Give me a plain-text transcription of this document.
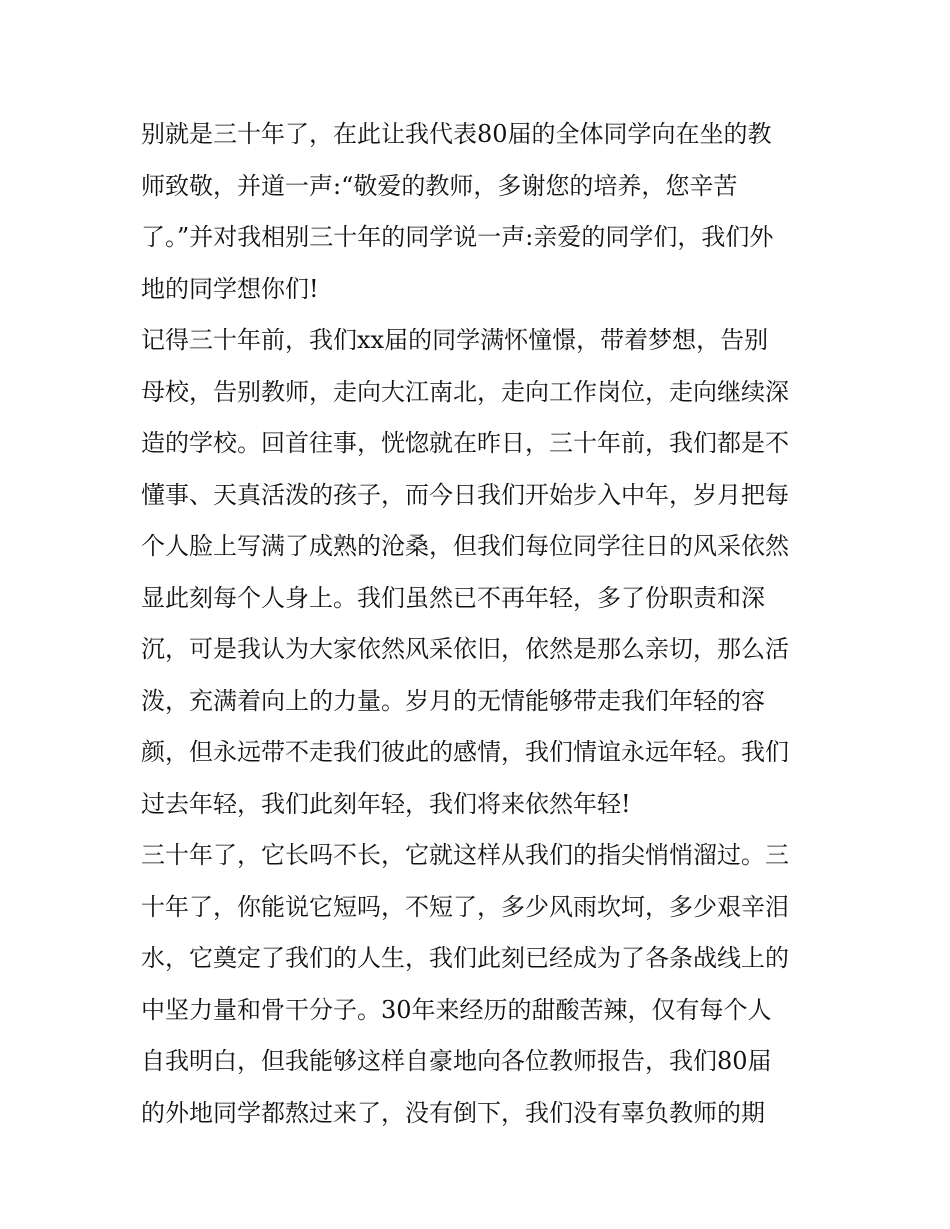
别就是三十年了，在此让我代表80届的全体同学向在坐的教
师致敬，并道一声:“敬爱的教师，多谢您的培养，您辛苦
了。”并对我相别三十年的同学说一声:亲爱的同学们，我们外
地的同学想你们!
记得三十年前，我们xx届的同学满怀憧憬，带着梦想，告别
母校，告别教师，走向大江南北，走向工作岗位，走向继续深
造的学校。回首往事，恍惚就在昨日，三十年前，我们都是不
懂事、天真活泼的孩子，而今日我们开始步入中年，岁月把每
个人脸上写满了成熟的沧桑，但我们每位同学往日的风采依然
显此刻每个人身上。我们虽然已不再年轻，多了份职责和深
沉，可是我认为大家依然风采依旧，依然是那么亲切，那么活
泼，充满着向上的力量。岁月的无情能够带走我们年轻的容
颜，但永远带不走我们彼此的感情，我们情谊永远年轻。我们
过去年轻，我们此刻年轻，我们将来依然年轻!
三十年了，它长吗不长，它就这样从我们的指尖悄悄溜过。三
十年了，你能说它短吗，不短了，多少风雨坎坷，多少艰辛泪
水，它奠定了我们的人生，我们此刻已经成为了各条战线上的
中坚力量和骨干分子。30年来经历的甜酸苦辣，仅有每个人
自我明白，但我能够这样自豪地向各位教师报告，我们80届
的外地同学都熬过来了，没有倒下，我们没有辜负教师的期
